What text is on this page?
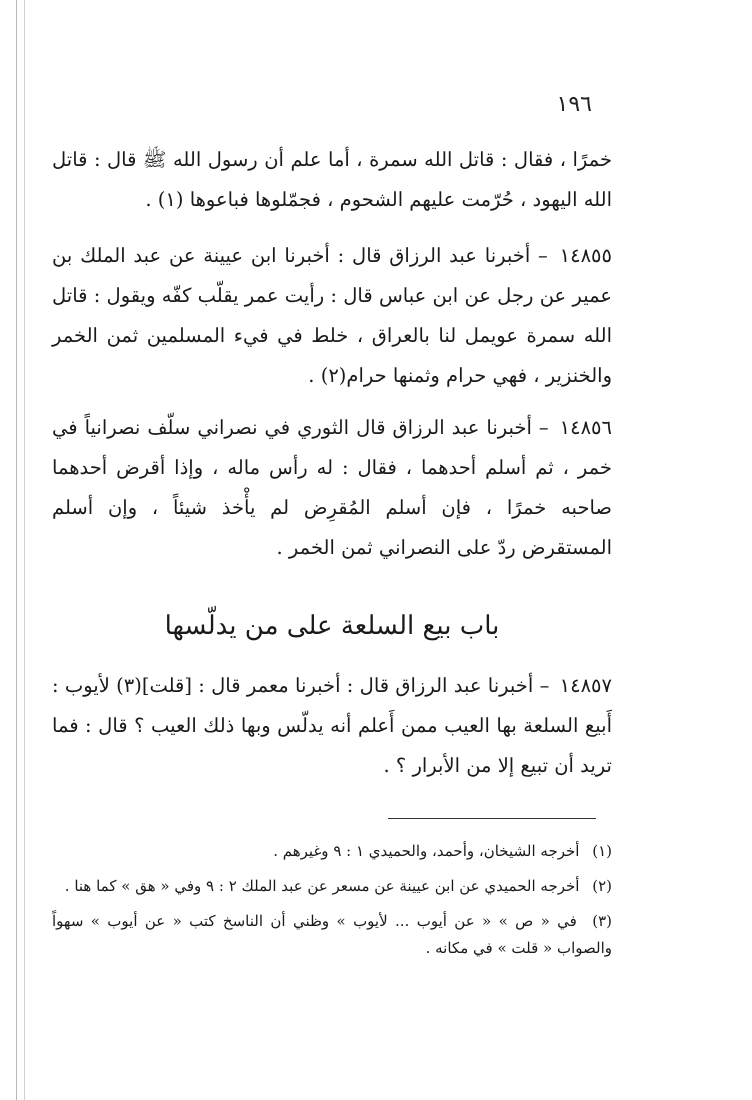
١٩٦

خمرًا ، فقال : قاتل الله سمرة ، أما علم أن رسول الله ﷺ قال : قاتل الله اليهود ، حُرّمت عليهم الشحوم ، فجمّلوها فباعوها (١) .

١٤٨٥٥ – أخبرنا عبد الرزاق قال : أخبرنا ابن عيينة عن عبد الملك بن عمير عن رجل عن ابن عباس قال : رأيت عمر يقلّب كفّه ويقول : قاتل الله سمرة عويمل لنا بالعراق ، خلط في فيء المسلمين ثمن الخمر والخنزير ، فهي حرام وثمنها حرام(٢) .

١٤٨٥٦ – أخبرنا عبد الرزاق قال الثوري في نصراني سلّف نصرانياً في خمر ، ثم أسلم أحدهما ، فقال : له رأس ماله ، وإذا أقرض أحدهما صاحبه خمرًا ، فإن أسلم المُقرِض لم يأْخذ شيئاً ، وإن أسلم المستقرض ردّ على النصراني ثمن الخمر .

باب بيع السلعة على من يدلّسها

١٤٨٥٧ – أخبرنا عبد الرزاق قال : أخبرنا معمر قال : [قلت](٣) لأيوب : أَبيع السلعة بها العيب ممن أَعلم أنه يدلّس وبها ذلك العيب ؟ قال : فما تريد أن تبيع إلا من الأبرار ؟ .

(١) أخرجه الشيخان، وأحمد، والحميدي ١ : ٩ وغيرهم .

(٢) أخرجه الحميدي عن ابن عيينة عن مسعر عن عبد الملك ٢ : ٩ وفي « هق » كما هنا .

(٣) في « ص » « عن أيوب ... لأيوب » وظني أن الناسخ كتب « عن أيوب » سهواً والصواب « قلت » في مكانه .
